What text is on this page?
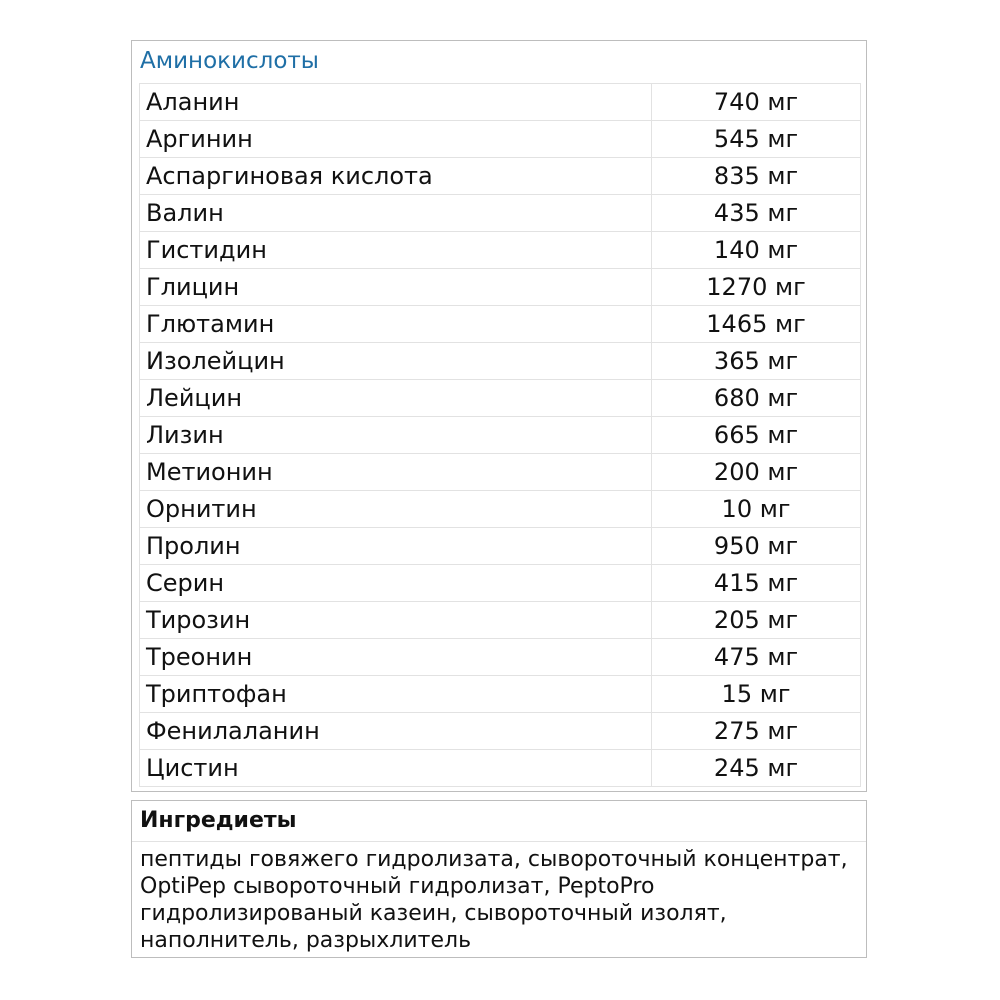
Аминокислоты
Аланин	740 мг
Аргинин	545 мг
Аспаргиновая кислота	835 мг
Валин	435 мг
Гистидин	140 мг
Глицин	1270 мг
Глютамин	1465 мг
Изолейцин	365 мг
Лейцин	680 мг
Лизин	665 мг
Метионин	200 мг
Орнитин	10 мг
Пролин	950 мг
Серин	415 мг
Тирозин	205 мг
Треонин	475 мг
Триптофан	15 мг
Фенилаланин	275 мг
Цистин	245 мг
Ингредиеты
пептиды говяжего гидролизата, сывороточный концентрат, OptiPep сывороточный гидролизат, PeptoPro гидролизированый казеин, сывороточный изолят, наполнитель, разрыхлитель
